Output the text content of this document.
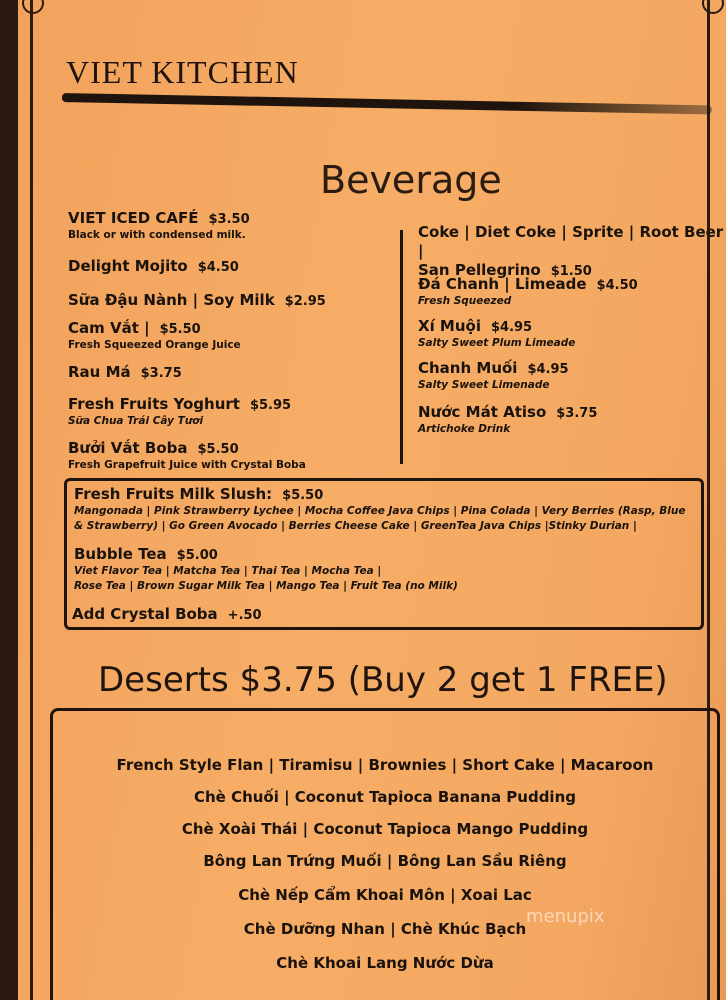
VIET KITCHEN
Beverage
VIET ICED CAFÉ $3.50
Black or with condensed milk.
Delight Mojito $4.50
Sữa Đậu Nành | Soy Milk $2.95
Cam Vắt | $5.50
Fresh Squeezed Orange Juice
Rau Má $3.75
Fresh Fruits Yoghurt $5.95
Sữa Chua Trái Cây Tươi
Bưởi Vắt Boba $5.50
Fresh Grapefruit Juice with Crystal Boba
Coke | Diet Coke | Sprite | Root Beer |
San Pellegrino $1.50
Đá Chanh | Limeade $4.50
Fresh Squeezed
Xí Muội $4.95
Salty Sweet Plum Limeade
Chanh Muối $4.95
Salty Sweet Limenade
Nước Mát Atiso $3.75
Artichoke Drink
Fresh Fruits Milk Slush: $5.50
Mangonada | Pink Strawberry Lychee | Mocha Coffee Java Chips | Pina Colada | Very Berries (Rasp, Blue
& Strawberry) | Go Green Avocado | Berries Cheese Cake | GreenTea Java Chips |Stinky Durian |
Bubble Tea $5.00
Viet Flavor Tea | Matcha Tea | Thai Tea | Mocha Tea |
Rose Tea | Brown Sugar Milk Tea | Mango Tea | Fruit Tea (no Milk)
Add Crystal Boba +.50
Deserts $3.75 (Buy 2 get 1 FREE)
French Style Flan | Tiramisu | Brownies | Short Cake | Macaroon
Chè Chuối | Coconut Tapioca Banana Pudding
Chè Xoài Thái | Coconut Tapioca Mango Pudding
Bông Lan Trứng Muối | Bông Lan Sầu Riêng
Chè Nếp Cẩm Khoai Môn | Xoai Lac
Chè Dưỡng Nhan | Chè Khúc Bạch
Chè Khoai Lang Nước Dừa
menupix
